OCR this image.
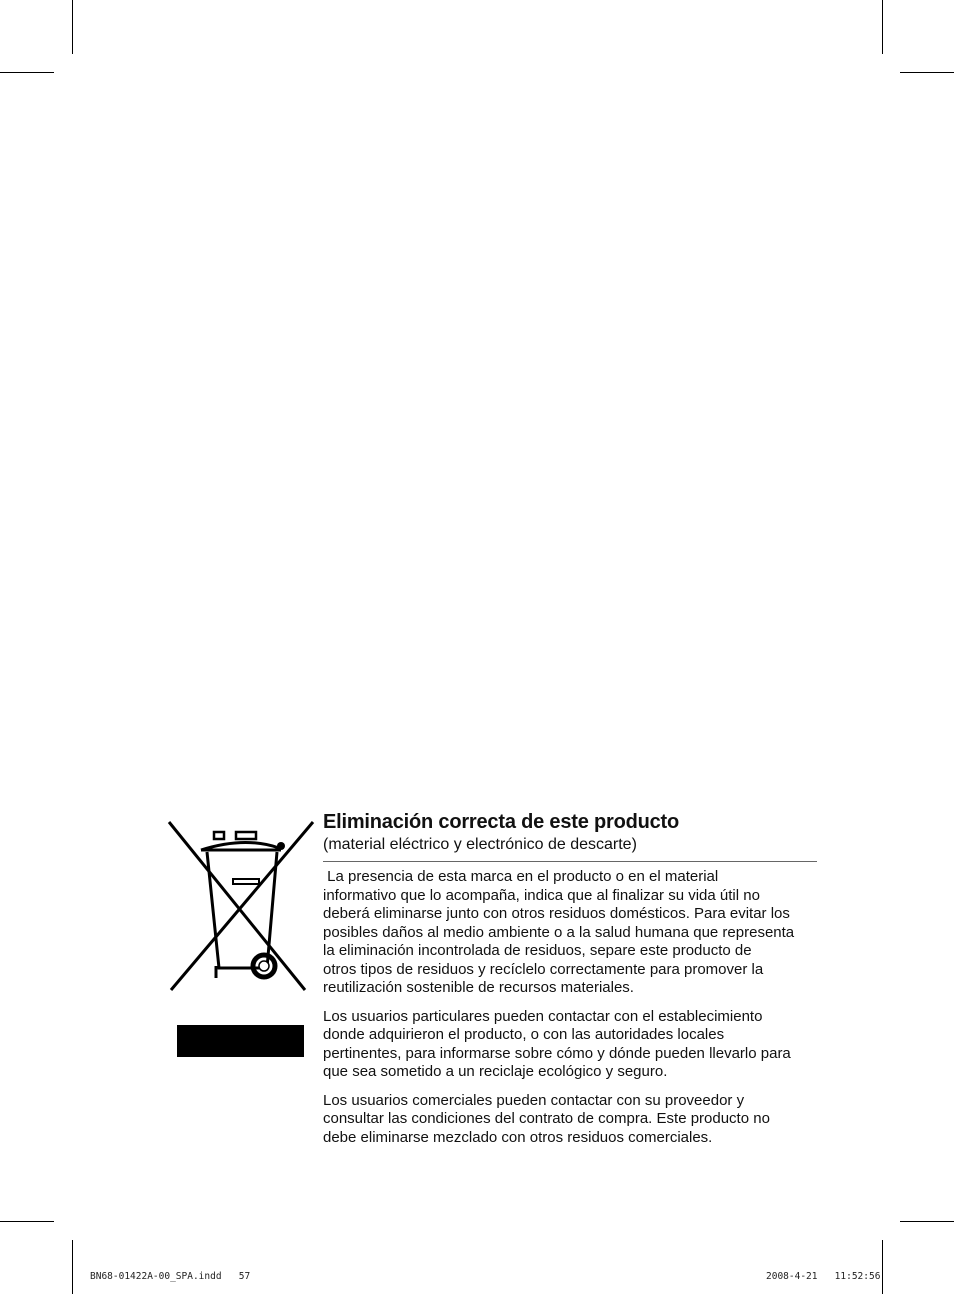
Eliminación correcta de este producto
(material eléctrico y electrónico de descarte)

La presencia de esta marca en el producto o en el material
informativo que lo acompaña, indica que al finalizar su vida útil no
deberá eliminarse junto con otros residuos domésticos. Para evitar los
posibles daños al medio ambiente o a la salud humana que representa
la eliminación incontrolada de residuos, separe este producto de
otros tipos de residuos y recíclelo correctamente para promover la
reutilización sostenible de recursos materiales.

Los usuarios particulares pueden contactar con el establecimiento
donde adquirieron el producto, o con las autoridades locales
pertinentes, para informarse sobre cómo y dónde pueden llevarlo para
que sea sometido a un reciclaje ecológico y seguro.

Los usuarios comerciales pueden contactar con su proveedor y
consultar las condiciones del contrato de compra. Este producto no
debe eliminarse mezclado con otros residuos comerciales.

BN68-01422A-00_SPA.indd 57	2008-4-21 11:52:56
